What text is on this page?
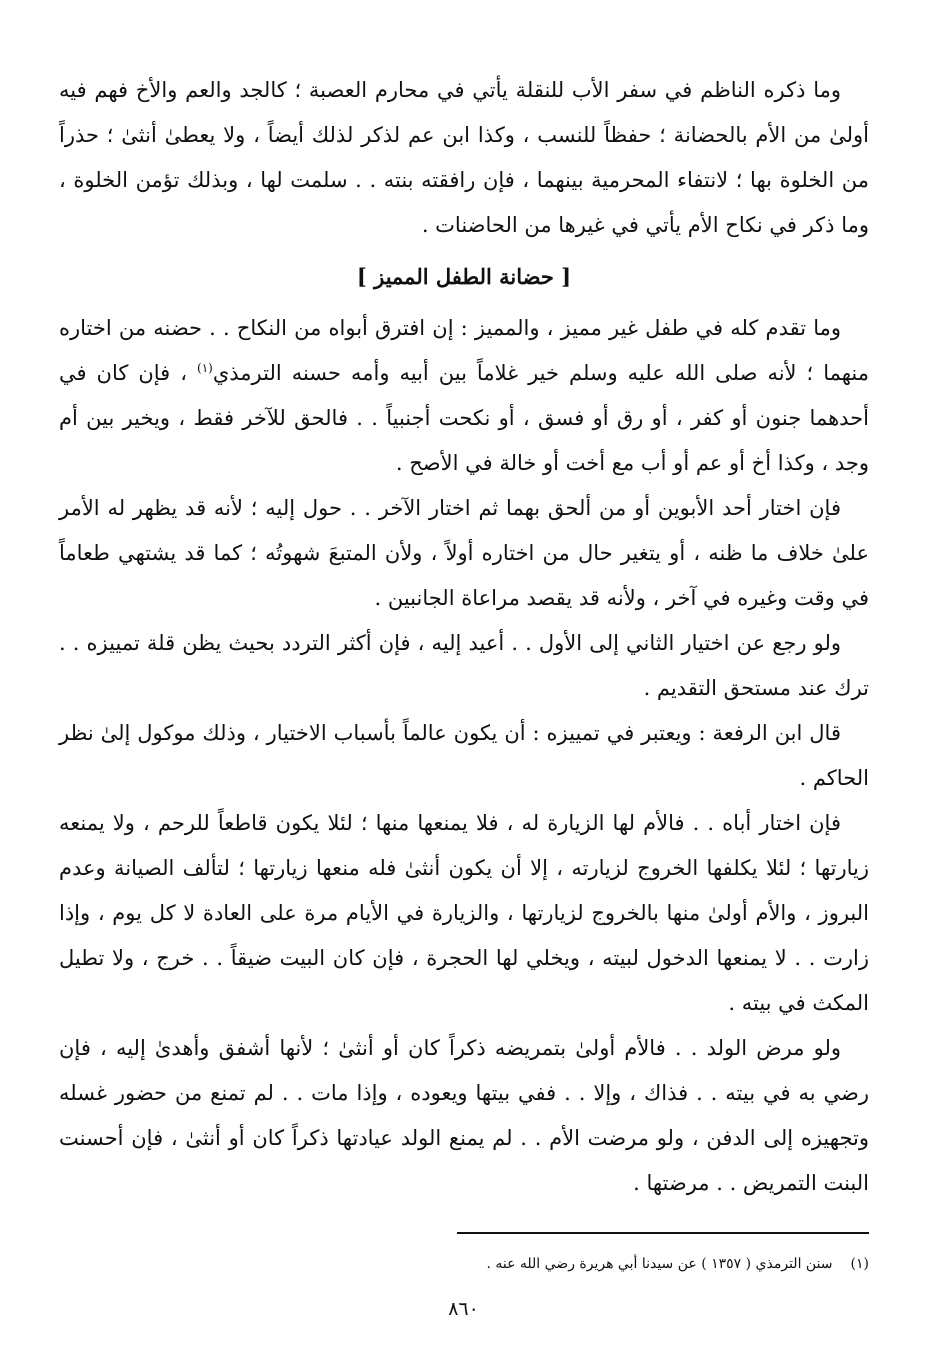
وما ذكره الناظم في سفر الأب للنقلة يأتي في محارم العصبة ؛ كالجد والعم والأخ فهم فيه أولىٰ من الأم بالحضانة ؛ حفظاً للنسب ، وكذا ابن عم لذكر لذلك أيضاً ، ولا يعطىٰ أنثىٰ ؛ حذراً من الخلوة بها ؛ لانتفاء المحرمية بينهما ، فإن رافقته بنته . . سلمت لها ، وبذلك تؤمن الخلوة ، وما ذكر في نكاح الأم يأتي في غيرها من الحاضنات .

[ حضانة الطفل المميز ]

وما تقدم كله في طفل غير مميز ، والمميز : إن افترق أبواه من النكاح . . حضنه من اختاره منهما ؛ لأنه صلى الله عليه وسلم خير غلاماً بين أبيه وأمه حسنه الترمذي$^{(١)}$ ، فإن كان في أحدهما جنون أو كفر ، أو رق أو فسق ، أو نكحت أجنبياً . . فالحق للآخر فقط ، ويخير بين أم وجد ، وكذا أخ أو عم أو أب مع أخت أو خالة في الأصح .

فإن اختار أحد الأبوين أو من ألحق بهما ثم اختار الآخر . . حول إليه ؛ لأنه قد يظهر له الأمر علىٰ خلاف ما ظنه ، أو يتغير حال من اختاره أولاً ، ولأن المتبعَ شهوتُه ؛ كما قد يشتهي طعاماً في وقت وغيره في آخر ، ولأنه قد يقصد مراعاة الجانبين .

ولو رجع عن اختيار الثاني إلى الأول . . أعيد إليه ، فإن أكثر التردد بحيث يظن قلة تمييزه . . ترك عند مستحق التقديم .

قال ابن الرفعة : ويعتبر في تمييزه : أن يكون عالماً بأسباب الاختيار ، وذلك موكول إلىٰ نظر الحاكم .

فإن اختار أباه . . فالأم لها الزيارة له ، فلا يمنعها منها ؛ لئلا يكون قاطعاً للرحم ، ولا يمنعه زيارتها ؛ لئلا يكلفها الخروج لزيارته ، إلا أن يكون أنثىٰ فله منعها زيارتها ؛ لتألف الصيانة وعدم البروز ، والأم أولىٰ منها بالخروج لزيارتها ، والزيارة في الأيام مرة على العادة لا كل يوم ، وإذا زارت . . لا يمنعها الدخول لبيته ، ويخلي لها الحجرة ، فإن كان البيت ضيقاً . . خرج ، ولا تطيل المكث في بيته .

ولو مرض الولد . . فالأم أولىٰ بتمريضه ذكراً كان أو أنثىٰ ؛ لأنها أشفق وأهدىٰ إليه ، فإن رضي به في بيته . . فذاك ، وإلا . . ففي بيتها ويعوده ، وإذا مات . . لم تمنع من حضور غسله وتجهيزه إلى الدفن ، ولو مرضت الأم . . لم يمنع الولد عيادتها ذكراً كان أو أنثىٰ ، فإن أحسنت البنت التمريض . . مرضتها .

(١)سنن الترمذي ( ١٣٥٧ ) عن سيدنا أبي هريرة رضي الله عنه .
٨٦٠
